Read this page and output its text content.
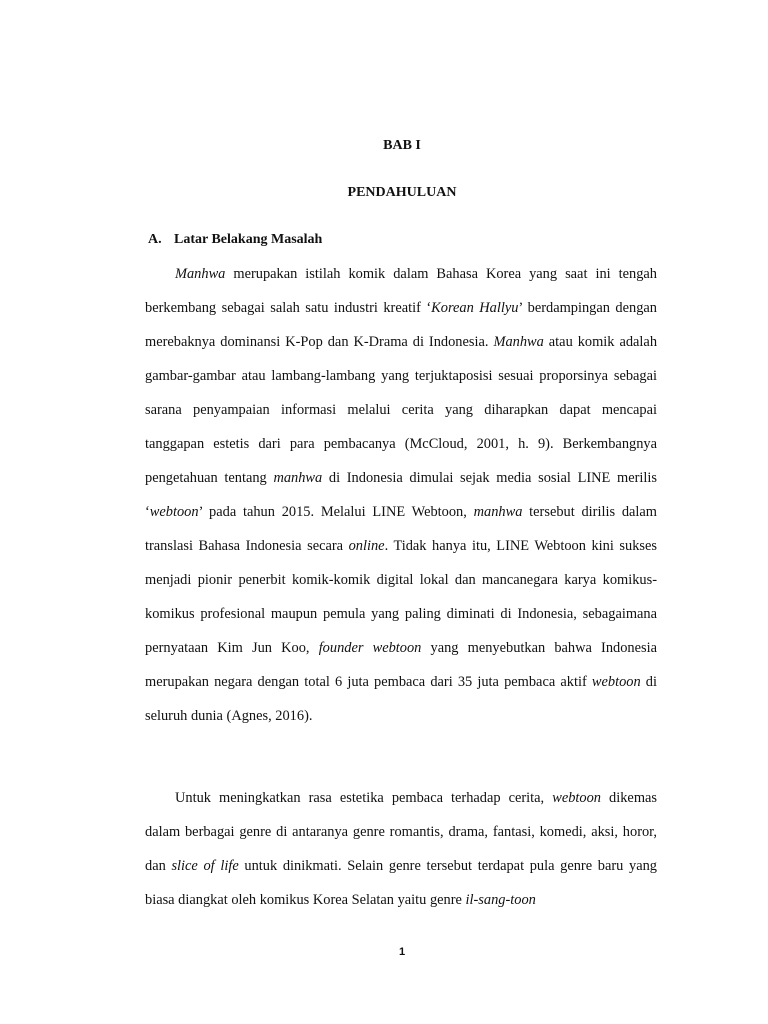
BAB I

PENDAHULUAN

A. Latar Belakang Masalah

Manhwa merupakan istilah komik dalam Bahasa Korea yang saat ini tengah berkembang sebagai salah satu industri kreatif ‘Korean Hallyu’ berdampingan dengan merebaknya dominansi K-Pop dan K-Drama di Indonesia. Manhwa atau komik adalah gambar-gambar atau lambang-lambang yang terjuktaposisi sesuai proporsinya sebagai sarana penyampaian informasi melalui cerita yang diharapkan dapat mencapai tanggapan estetis dari para pembacanya (McCloud, 2001, h. 9). Berkembangnya pengetahuan tentang manhwa di Indonesia dimulai sejak media sosial LINE merilis ‘webtoon’ pada tahun 2015. Melalui LINE Webtoon, manhwa tersebut dirilis dalam translasi Bahasa Indonesia secara online. Tidak hanya itu, LINE Webtoon kini sukses menjadi pionir penerbit komik-komik digital lokal dan mancanegara karya komikus-komikus profesional maupun pemula yang paling diminati di Indonesia, sebagaimana pernyataan Kim Jun Koo, founder webtoon yang menyebutkan bahwa Indonesia merupakan negara dengan total 6 juta pembaca dari 35 juta pembaca aktif webtoon di seluruh dunia (Agnes, 2016).

Untuk meningkatkan rasa estetika pembaca terhadap cerita, webtoon dikemas dalam berbagai genre di antaranya genre romantis, drama, fantasi, komedi, aksi, horor, dan slice of life untuk dinikmati. Selain genre tersebut terdapat pula genre baru yang biasa diangkat oleh komikus Korea Selatan yaitu genre il-sang-toon

1
